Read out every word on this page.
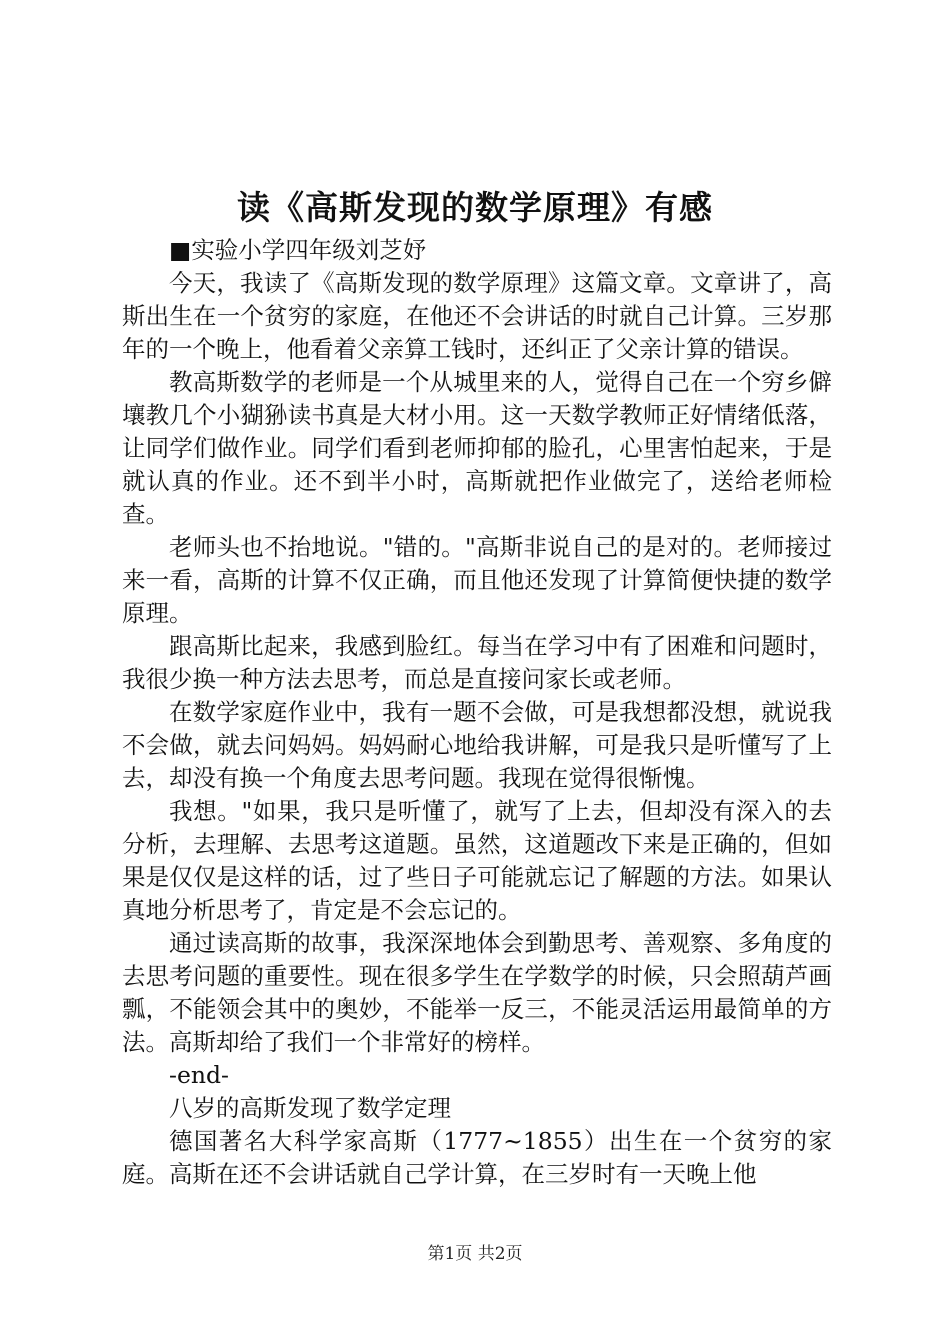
读《高斯发现的数学原理》有感

■实验小学四年级刘芝妤

今天，我读了《高斯发现的数学原理》这篇文章。文章讲了，高斯出生在一个贫穷的家庭，在他还不会讲话的时就自己计算。三岁那年的一个晚上，他看着父亲算工钱时，还纠正了父亲计算的错误。

教高斯数学的老师是一个从城里来的人，觉得自己在一个穷乡僻壤教几个小猢狲读书真是大材小用。这一天数学教师正好情绪低落，让同学们做作业。同学们看到老师抑郁的脸孔，心里害怕起来，于是就认真的作业。还不到半小时，高斯就把作业做完了，送给老师检查。

老师头也不抬地说。"错的。"高斯非说自己的是对的。老师接过来一看，高斯的计算不仅正确，而且他还发现了计算简便快捷的数学原理。

跟高斯比起来，我感到脸红。每当在学习中有了困难和问题时，我很少换一种方法去思考，而总是直接问家长或老师。

在数学家庭作业中，我有一题不会做，可是我想都没想，就说我不会做，就去问妈妈。妈妈耐心地给我讲解，可是我只是听懂写了上去，却没有换一个角度去思考问题。我现在觉得很惭愧。

我想。"如果，我只是听懂了，就写了上去，但却没有深入的去分析，去理解、去思考这道题。虽然，这道题改下来是正确的，但如果是仅仅是这样的话，过了些日子可能就忘记了解题的方法。如果认真地分析思考了，肯定是不会忘记的。

通过读高斯的故事，我深深地体会到勤思考、善观察、多角度的去思考问题的重要性。现在很多学生在学数学的时候，只会照葫芦画瓢，不能领会其中的奥妙，不能举一反三，不能灵活运用最简单的方法。高斯却给了我们一个非常好的榜样。

-end-

八岁的高斯发现了数学定理

德国著名大科学家高斯（1777~1855）出生在一个贫穷的家庭。高斯在还不会讲话就自己学计算，在三岁时有一天晚上他

第1页 共2页
